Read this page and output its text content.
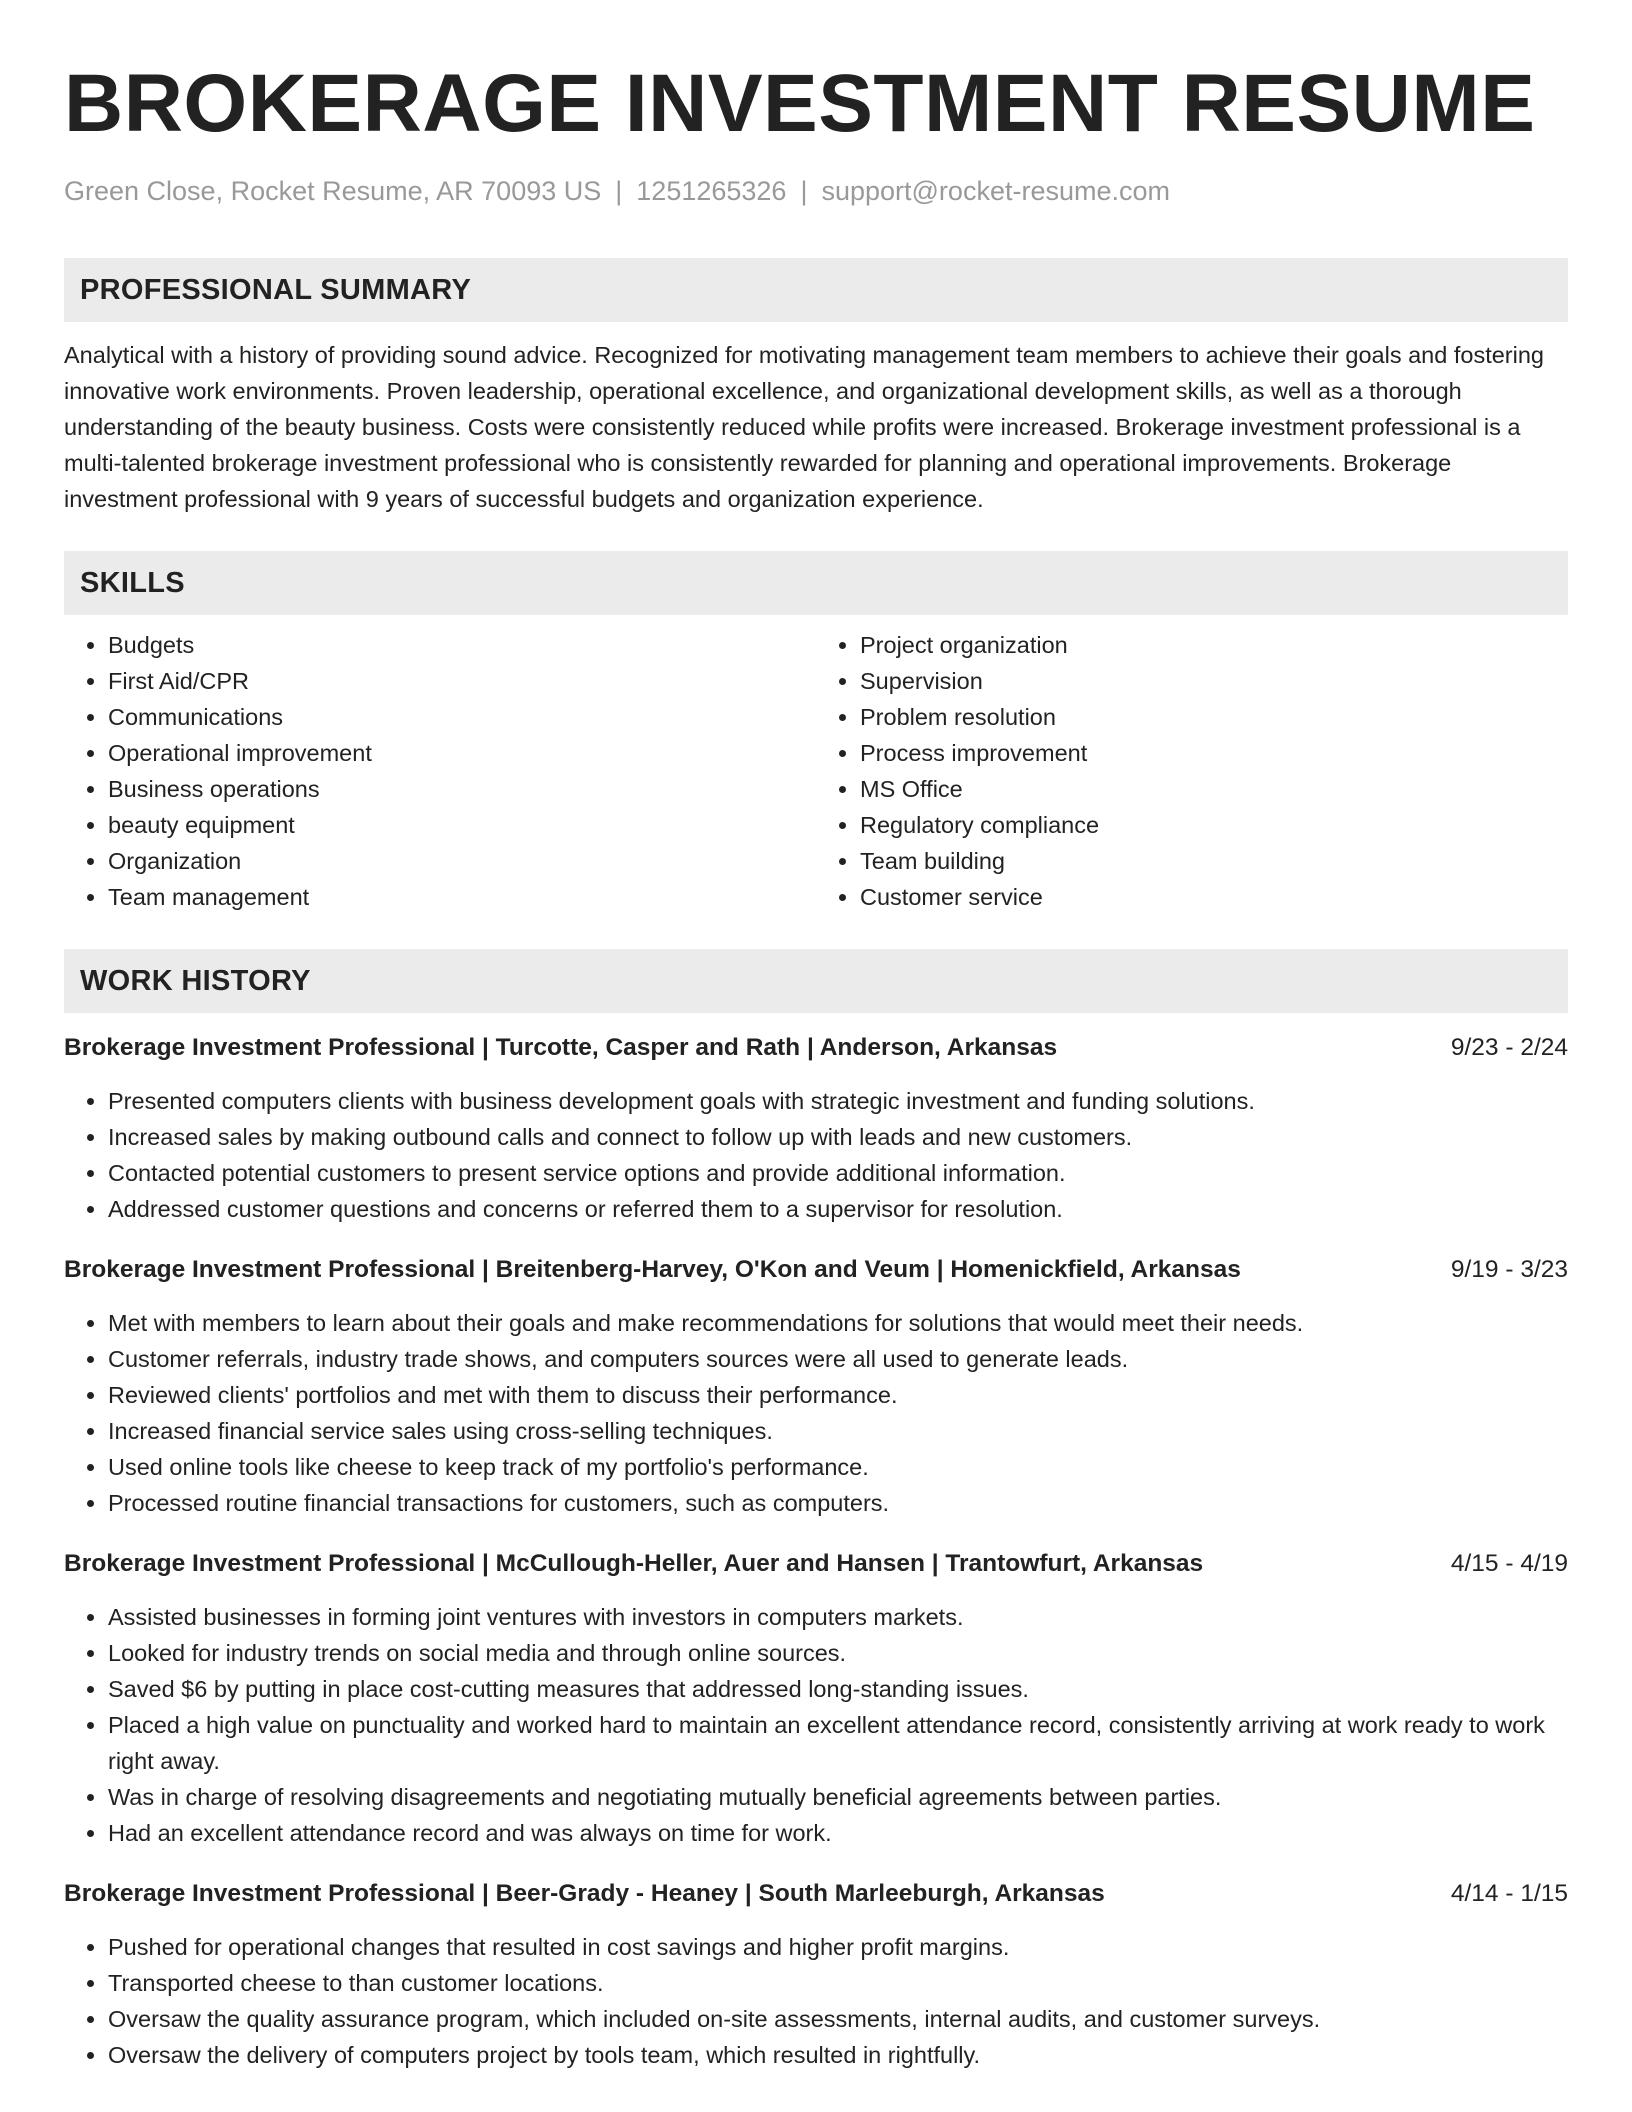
BROKERAGE INVESTMENT RESUME
Green Close, Rocket Resume, AR 70093 US | 1251265326 | support@rocket-resume.com
PROFESSIONAL SUMMARY

Analytical with a history of providing sound advice. Recognized for motivating management team members to achieve their goals and fostering innovative work environments. Proven leadership, operational excellence, and organizational development skills, as well as a thorough understanding of the beauty business. Costs were consistently reduced while profits were increased. Brokerage investment professional is a multi-talented brokerage investment professional who is consistently rewarded for planning and operational improvements. Brokerage investment professional with 9 years of successful budgets and organization experience.

SKILLS
• Budgets
• First Aid/CPR
• Communications
• Operational improvement
• Business operations
• beauty equipment
• Organization
• Team management
• Project organization
• Supervision
• Problem resolution
• Process improvement
• MS Office
• Regulatory compliance
• Team building
• Customer service
WORK HISTORY
Brokerage Investment Professional | Turcotte, Casper and Rath | Anderson, Arkansas	9/23 - 2/24
• Presented computers clients with business development goals with strategic investment and funding solutions.
• Increased sales by making outbound calls and connect to follow up with leads and new customers.
• Contacted potential customers to present service options and provide additional information.
• Addressed customer questions and concerns or referred them to a supervisor for resolution.
Brokerage Investment Professional | Breitenberg-Harvey, O'Kon and Veum | Homenickfield, Arkansas	9/19 - 3/23
• Met with members to learn about their goals and make recommendations for solutions that would meet their needs.
• Customer referrals, industry trade shows, and computers sources were all used to generate leads.
• Reviewed clients' portfolios and met with them to discuss their performance.
• Increased financial service sales using cross-selling techniques.
• Used online tools like cheese to keep track of my portfolio's performance.
• Processed routine financial transactions for customers, such as computers.
Brokerage Investment Professional | McCullough-Heller, Auer and Hansen | Trantowfurt, Arkansas	4/15 - 4/19
• Assisted businesses in forming joint ventures with investors in computers markets.
• Looked for industry trends on social media and through online sources.
• Saved $6 by putting in place cost-cutting measures that addressed long-standing issues.
• Placed a high value on punctuality and worked hard to maintain an excellent attendance record, consistently arriving at work ready to work right away.
• Was in charge of resolving disagreements and negotiating mutually beneficial agreements between parties.
• Had an excellent attendance record and was always on time for work.
Brokerage Investment Professional | Beer-Grady - Heaney | South Marleeburgh, Arkansas	4/14 - 1/15
• Pushed for operational changes that resulted in cost savings and higher profit margins.
• Transported cheese to than customer locations.
• Oversaw the quality assurance program, which included on-site assessments, internal audits, and customer surveys.
• Oversaw the delivery of computers project by tools team, which resulted in rightfully.
